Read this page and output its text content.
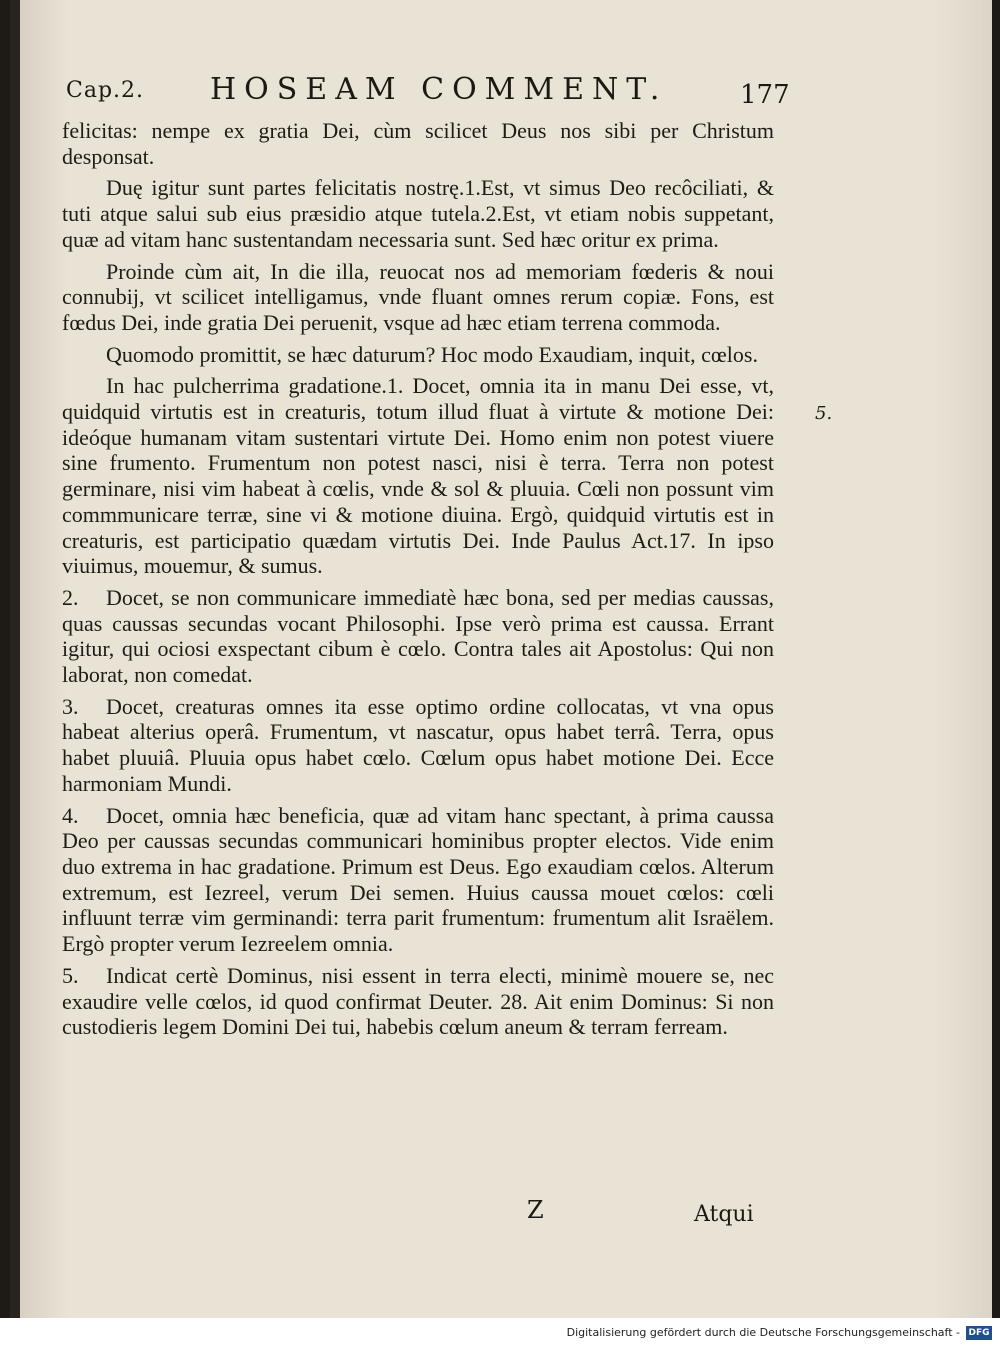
Cap.2. HOSEAM COMMENT.	177

felicitas: nempe ex gratia Dei, cùm scilicet Deus nos sibi per Christum desponsat.

Duę igitur sunt partes felicitatis nostrę.1.Est, vt simus Deo recôciliati, & tuti atque salui sub eius præsidio atque tutela.2.Est, vt etiam nobis suppetant, quæ ad vitam hanc sustentandam necessaria sunt. Sed hæc oritur ex prima.

Proinde cùm ait, In die illa, reuocat nos ad memoriam fœderis & noui connubij, vt scilicet intelligamus, vnde fluant omnes rerum copiæ. Fons, est fœdus Dei, inde gratia Dei peruenit, vsque ad hæc etiam terrena commoda.

Quomodo promittit, se hæc daturum? Hoc modo Exaudiam, inquit, cœlos.

In hac pulcherrima gradatione.1. Docet, omnia ita in manu Dei esse, vt, quidquid virtutis est in creaturis, totum illud fluat à virtute & motione Dei: ideóque humanam vitam sustentari virtute Dei. Homo enim non potest viuere sine frumento. Frumentum non potest nasci, nisi è terra. Terra non potest germinare, nisi vim habeat à cœlis, vnde & sol & pluuia. Cœli non possunt vim commmunicare terræ, sine vi & motione diuina. Ergò, quidquid virtutis est in creaturis, est participatio quædam virtutis Dei. Inde Paulus Act.17. In ipso viuimus, mouemur, & sumus.

2. Docet, se non communicare immediatè hæc bona, sed per medias caussas, quas caussas secundas vocant Philosophi. Ipse verò prima est caussa. Errant igitur, qui ociosi exspectant cibum è cœlo. Contra tales ait Apostolus: Qui non laborat, non comedat.

3. Docet, creaturas omnes ita esse optimo ordine collocatas, vt vna opus habeat alterius operâ. Frumentum, vt nascatur, opus habet terrâ. Terra, opus habet pluuiâ. Pluuia opus habet cœlo. Cœlum opus habet motione Dei. Ecce harmoniam Mundi.

4. Docet, omnia hæc beneficia, quæ ad vitam hanc spectant, à prima caussa Deo per caussas secundas communicari hominibus propter electos. Vide enim duo extrema in hac gradatione. Primum est Deus. Ego exaudiam cœlos. Alterum extremum, est Iezreel, verum Dei semen. Huius caussa mouet cœlos: cœli influunt terræ vim germinandi: terra parit frumentum: frumentum alit Israëlem. Ergò propter verum Iezreelem omnia.

5. Indicat certè Dominus, nisi essent in terra electi, minimè mouere se, nec exaudire velle cœlos, id quod confirmat Deuter. 28. Ait enim Dominus: Si non custodieris legem Domini Dei tui, habebis cœlum aneum & terram ferream.

5.
Z	Atqui
Digitalisierung gefördert durch die Deutsche Forschungsgemeinschaft - DFG
